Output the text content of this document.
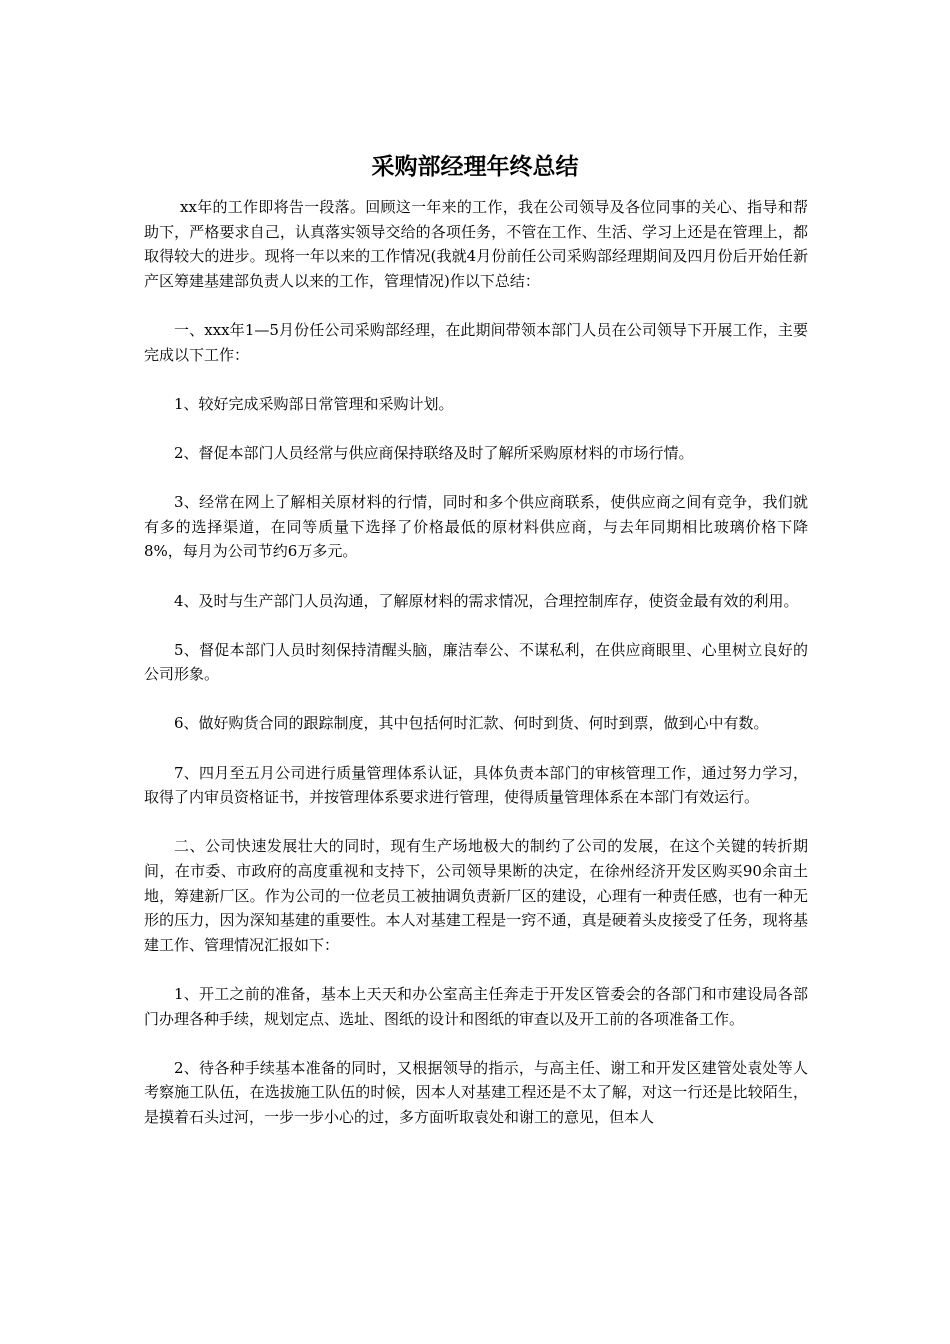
采购部经理年终总结

xx年的工作即将告一段落。回顾这一年来的工作，我在公司领导及各位同事的关心、指导和帮助下，严格要求自己，认真落实领导交给的各项任务，不管在工作、生活、学习上还是在管理上，都取得较大的进步。现将一年以来的工作情况(我就4月份前任公司采购部经理期间及四月份后开始任新产区筹建基建部负责人以来的工作，管理情况)作以下总结：

一、xxx年1—5月份任公司采购部经理，在此期间带领本部门人员在公司领导下开展工作，主要完成以下工作：

1、较好完成采购部日常管理和采购计划。

2、督促本部门人员经常与供应商保持联络及时了解所采购原材料的市场行情。

3、经常在网上了解相关原材料的行情，同时和多个供应商联系，使供应商之间有竞争，我们就有多的选择渠道，在同等质量下选择了价格最低的原材料供应商，与去年同期相比玻璃价格下降8%，每月为公司节约6万多元。

4、及时与生产部门人员沟通，了解原材料的需求情况，合理控制库存，使资金最有效的利用。

5、督促本部门人员时刻保持清醒头脑，廉洁奉公、不谋私利，在供应商眼里、心里树立良好的公司形象。

6、做好购货合同的跟踪制度，其中包括何时汇款、何时到货、何时到票，做到心中有数。

7、四月至五月公司进行质量管理体系认证，具体负责本部门的审核管理工作，通过努力学习，取得了内审员资格证书，并按管理体系要求进行管理，使得质量管理体系在本部门有效运行。

二、公司快速发展壮大的同时，现有生产场地极大的制约了公司的发展，在这个关键的转折期间，在市委、市政府的高度重视和支持下，公司领导果断的决定，在徐州经济开发区购买90余亩土地，筹建新厂区。作为公司的一位老员工被抽调负责新厂区的建设，心理有一种责任感，也有一种无形的压力，因为深知基建的重要性。本人对基建工程是一窍不通，真是硬着头皮接受了任务，现将基建工作、管理情况汇报如下：

1、开工之前的准备，基本上天天和办公室高主任奔走于开发区管委会的各部门和市建设局各部门办理各种手续，规划定点、选址、图纸的设计和图纸的审查以及开工前的各项准备工作。

2、待各种手续基本准备的同时，又根据领导的指示，与高主任、谢工和开发区建管处袁处等人考察施工队伍，在选拔施工队伍的时候，因本人对基建工程还是不太了解，对这一行还是比较陌生，是摸着石头过河，一步一步小心的过，多方面听取袁处和谢工的意见，但本人
